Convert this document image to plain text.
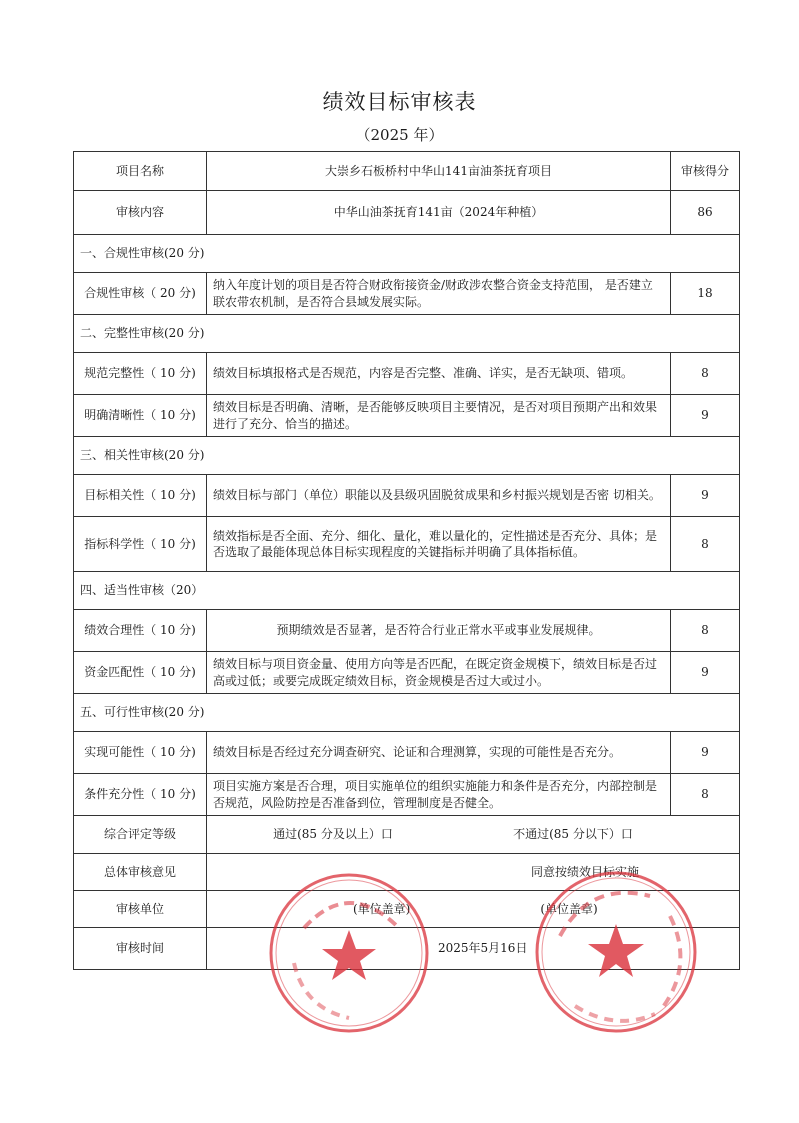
绩效目标审核表
（2025 年）
项目名称	大崇乡石板桥村中华山141亩油茶抚育项目	审核得分
审核内容	中华山油茶抚育141亩（2024年种植）	86
一、合规性审核(20 分)		
合规性审核（ 20 分)	纳入年度计划的项目是否符合财政衔接资金/财政涉农整合资金支持范围， 是否建立联农带农机制，是否符合县域发展实际。	18
二、完整性审核(20 分)		
规范完整性（ 10 分)	绩效目标填报格式是否规范，内容是否完整、准确、详实，是否无缺项、错项。	8
明确清晰性（ 10 分)	绩效目标是否明确、清晰，是否能够反映项目主要情况，是否对项目预期产出和效果进行了充分、恰当的描述。	9
三、相关性审核(20 分)		
目标相关性（ 10 分)	绩效目标与部门（单位）职能以及县级巩固脱贫成果和乡村振兴规划是否密 切相关。	9
指标科学性（ 10 分)	绩效指标是否全面、充分、细化、量化，难以量化的，定性描述是否充分、具体；是否选取了最能体现总体目标实现程度的关键指标并明确了具体指标值。	8
四、适当性审核（20）		
绩效合理性（ 10 分)	预期绩效是否显著，是否符合行业正常水平或事业发展规律。	8
资金匹配性（ 10 分)	绩效目标与项目资金量、使用方向等是否匹配，在既定资金规模下，绩效目标是否过高或过低；或要完成既定绩效目标，资金规模是否过大或过小。	9
五、可行性审核(20 分)		
实现可能性（ 10 分)	绩效目标是否经过充分调查研究、论证和合理测算，实现的可能性是否充分。	9
条件充分性（ 10 分)	项目实施方案是否合理，项目实施单位的组织实施能力和条件是否充分，内部控制是否规范，风险防控是否准备到位，管理制度是否健全。	8
综合评定等级	通过(85 分及以上）口 不通过(85 分以下）口	

总体审核意见	同意按绩效目标实施	

审核单位	(单位盖章) (单位盖章)	

审核时间	2025年5月16日	
